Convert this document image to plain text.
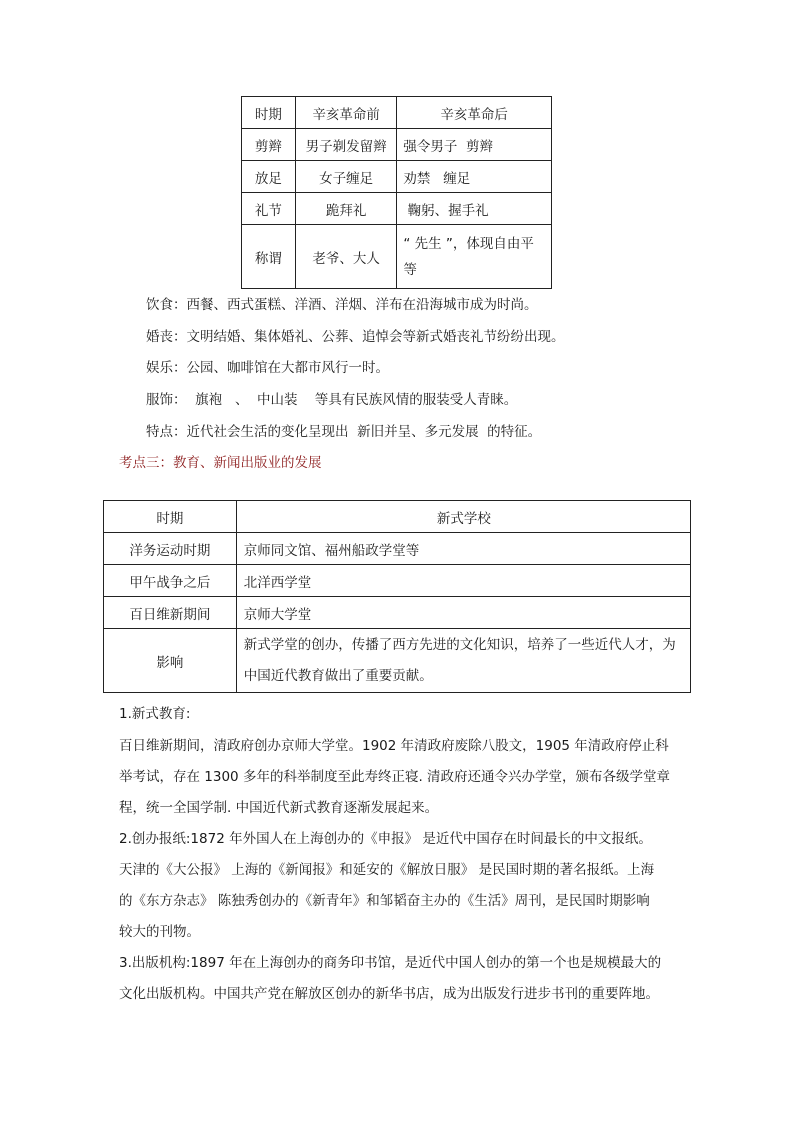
时期	辛亥革命前	辛亥革命后
剪辫	男子剃发留辫	强令男子  剪辫
放足	女子缠足	劝禁   缠足
礼节	跪拜礼	鞠躬、握手礼
称谓	老爷、大人	“ 先生 ”，体现自由平等
饮食：西餐、西式蛋糕、洋酒、洋烟、洋布在沿海城市成为时尚。
婚丧：文明结婚、集体婚礼、公葬、追悼会等新式婚丧礼节纷纷出现。
娱乐：公园、咖啡馆在大都市风行一时。
服饰：  旗袍   、  中山装    等具有民族风情的服装受人青睐。
特点：近代社会生活的变化呈现出  新旧并呈、多元发展  的特征。
考点三：教育、新闻出版业的发展
时期	新式学校
洋务运动时期	京师同文馆、福州船政学堂等
甲午战争之后	北洋西学堂
百日维新期间	京师大学堂
影响	新式学堂的创办，传播了西方先进的文化知识，培养了一些近代人才，为中国近代教育做出了重要贡献。
1.新式教育:
百日维新期间，清政府创办京师大学堂。1902 年清政府废除八股文，1905 年清政府停止科
举考试，存在 1300 多年的科举制度至此寿终正寝. 清政府还通令兴办学堂，颁布各级学堂章
程，统一全国学制. 中国近代新式教育逐渐发展起来。
2.创办报纸:1872 年外国人在上海创办的《申报》 是近代中国存在时间最长的中文报纸。
天津的《大公报》 上海的《新闻报》和延安的《解放日服》 是民国时期的著名报纸。上海
的《东方杂志》 陈独秀创办的《新青年》和邹韬奋主办的《生活》周刊，是民国时期影响
较大的刊物。
3.出版机构:1897 年在上海创办的商务印书馆，是近代中国人创办的第一个也是规模最大的
文化出版机构。中国共产党在解放区创办的新华书店，成为出版发行进步书刊的重要阵地。
